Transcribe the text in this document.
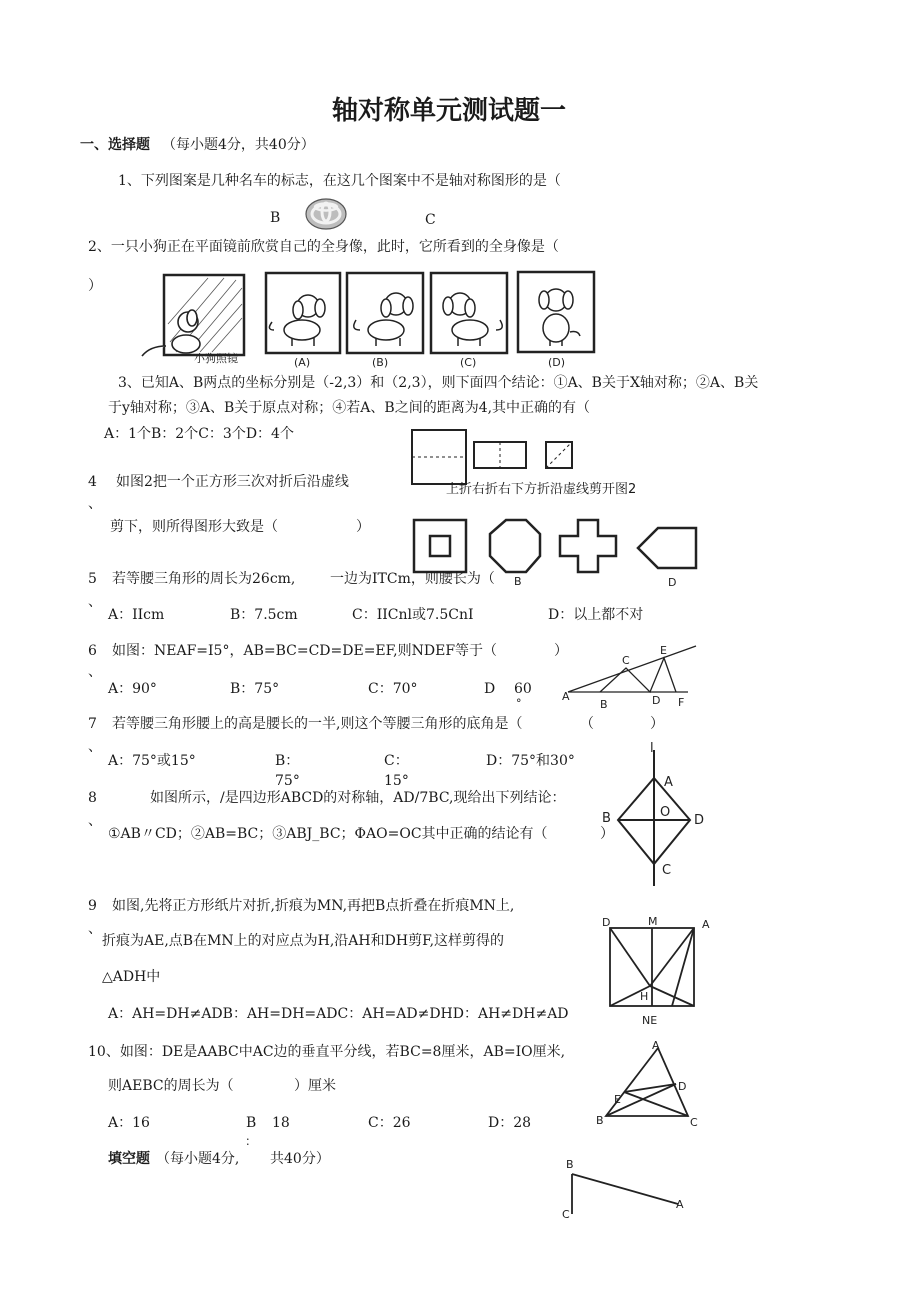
轴对称单元测试题一
一、选择题 （每小题4分，共40分）
1、下列图案是几种名车的标志，在这几个图案中不是轴对称图形的是（
B	C
2、一只小狗正在平面镜前欣赏自己的全身像，此时，它所看到的全身像是（
）
小狗照镜	(A)	(B)	(C)	(D)
3、已知A、B两点的坐标分别是（-2,3）和（2,3），则下面四个结论：①A、B关于X轴对称；②A、B关
于y轴对称；③A、B关于原点对称；④若A、B之间的距离为4,其中正确的有（
A：1个B：2个C：3个D：4个
4
、
如图2把一个正方形三次对折后沿虚线
剪下，则所得图形大致是（	）
上折右折右下方折沿虚线剪开图2
D
5
、
若等腰三角形的周长为26cm, 一边为ITCm，则腰长为（ B
A：IIcm	B：7.5cm	C：IICnl或7.5CnI	D：以上都不对
6
、
如图：NEAF=I5°，AB=BC=CD=DE=EF,则NDEF等于（	）
A：90°	B：75°	C：70°	D 60
°
A
B
C
D
E
F
7
、
若等腰三角形腰上的高是腰长的一半,则这个等腰三角形的底角是（	（　　　　）
A：75°或15°	B：
75°
C：
15°
D：75°和30°
8
、
如图所示，/是四边形ABCD的对称轴，AD/7BC,现给出下列结论：
①AB〃CD；②AB=BC；③ABJ_BC；ΦAO=OC其中正确的结论有（	）
l
A
B	O
D
C
9
、
如图,先将正方形纸片对折,折痕为MN,再把B点折叠在折痕MN上,
折痕为AE,点B在MN上的对应点为H,沿AH和DH剪F,这样剪得的
△ADH中
A：AH=DH≠ADB：AH=DH=ADC：AH=AD≠DHD：AH≠DH≠AD
D	M	A
H
NE
10、如图：DE是AABC中AC边的垂直平分线，若BC=8厘米，AB=IO厘米,
则AEBC的周长为（	）厘米
A：16	B 18
：
C：26	D：28
A
D
E
B	C
填空题 （每小题4分, 共40分）	B
A
C
